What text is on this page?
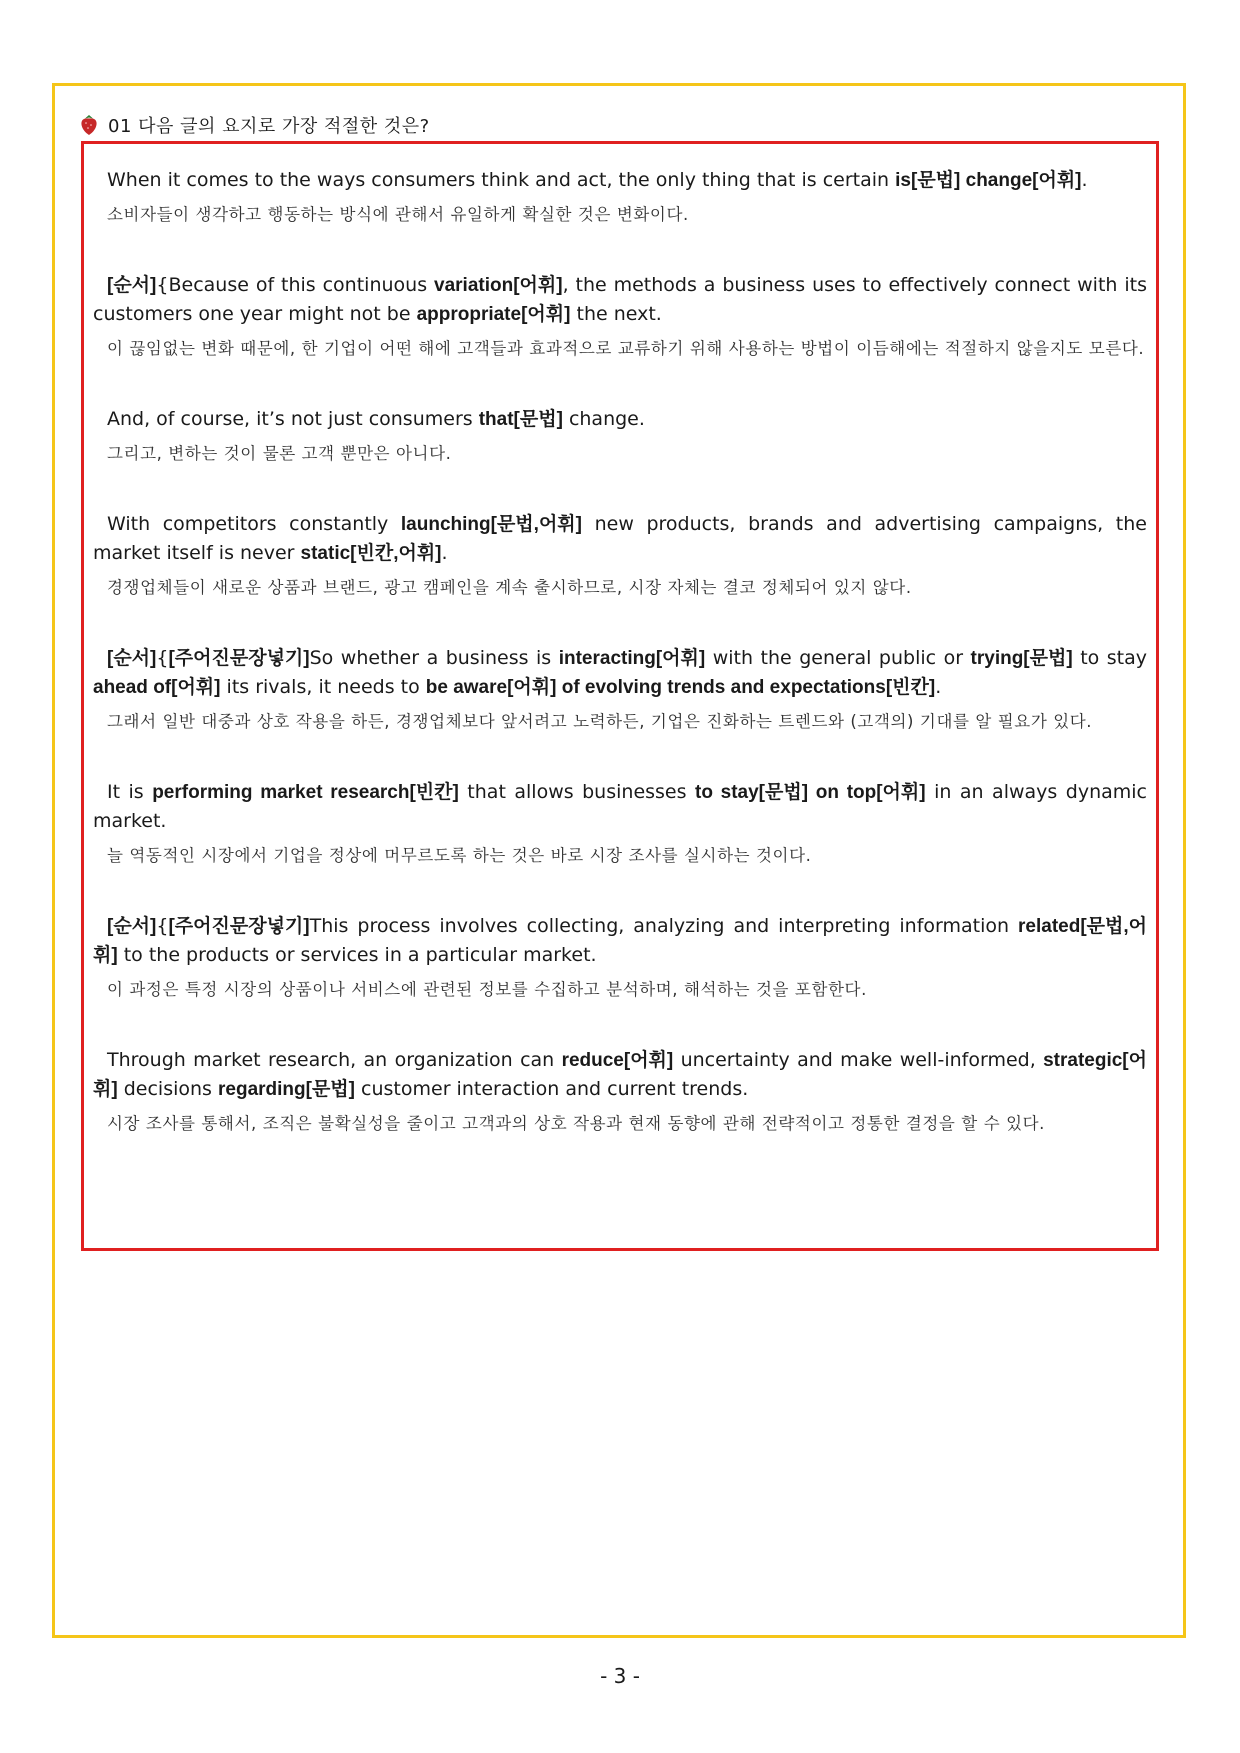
01 다음 글의 요지로 가장 적절한 것은?

When it comes to the ways consumers think and act, the only thing that is certain is[문법] change[어휘].

소비자들이 생각하고 행동하는 방식에 관해서 유일하게 확실한 것은 변화이다.

[순서]{Because of this continuous variation[어휘], the methods a business uses to effectively connect with its customers one year might not be appropriate[어휘] the next.

이 끊임없는 변화 때문에, 한 기업이 어떤 해에 고객들과 효과적으로 교류하기 위해 사용하는 방법이 이듬해에는 적절하지 않을지도 모른다.

And, of course, it’s not just consumers that[문법] change.

그리고, 변하는 것이 물론 고객 뿐만은 아니다.

With competitors constantly launching[문법,어휘] new products, brands and advertising campaigns, the market itself is never static[빈칸,어휘].

경쟁업체들이 새로운 상품과 브랜드, 광고 캠페인을 계속 출시하므로, 시장 자체는 결코 정체되어 있지 않다.

[순서]{[주어진문장넣기]So whether a business is interacting[어휘] with the general public or trying[문법] to stay ahead of[어휘] its rivals, it needs to be aware[어휘] of evolving trends and expectations[빈칸].

그래서 일반 대중과 상호 작용을 하든, 경쟁업체보다 앞서려고 노력하든, 기업은 진화하는 트렌드와 (고객의) 기대를 알 필요가 있다.

It is performing market research[빈칸] that allows businesses to stay[문법] on top[어휘] in an always dynamic market.

늘 역동적인 시장에서 기업을 정상에 머무르도록 하는 것은 바로 시장 조사를 실시하는 것이다.

[순서]{[주어진문장넣기]This process involves collecting, analyzing and interpreting information related[문법,어휘] to the products or services in a particular market.

이 과정은 특정 시장의 상품이나 서비스에 관련된 정보를 수집하고 분석하며, 해석하는 것을 포함한다.

Through market research, an organization can reduce[어휘] uncertainty and make well-informed, strategic[어휘] decisions regarding[문법] customer interaction and current trends.

시장 조사를 통해서, 조직은 불확실성을 줄이고 고객과의 상호 작용과 현재 동향에 관해 전략적이고 정통한 결정을 할 수 있다.

- 3 -
